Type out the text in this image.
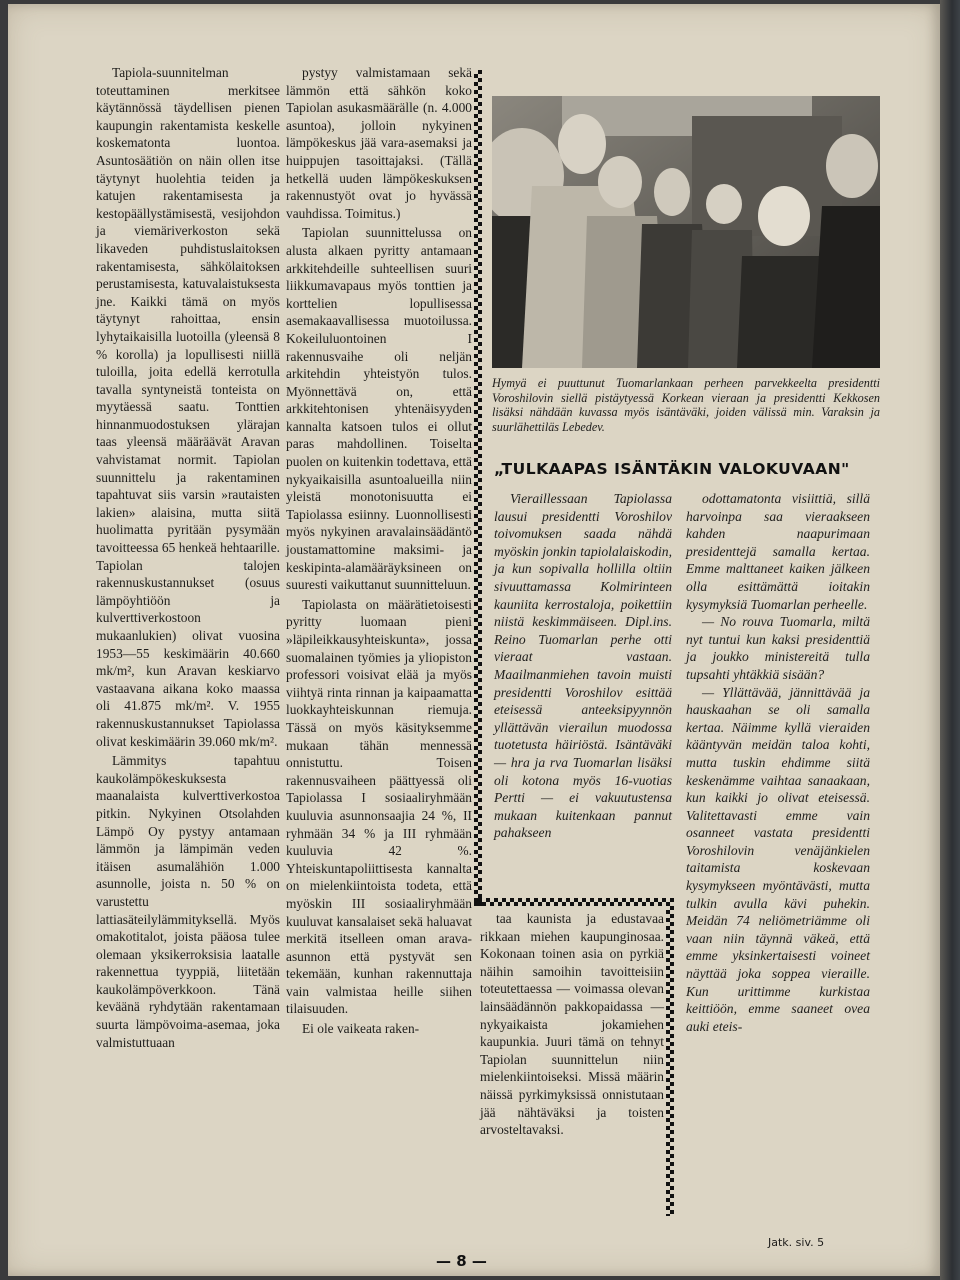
Tapiola-suunnitelman toteuttaminen merkitsee käytännössä täydellisen pienen kaupungin rakentamista keskelle koskematonta luontoa. Asuntosäätiön on näin ollen itse täytynyt huolehtia teiden ja katujen rakentamisesta ja kestopäällystämisestä, vesijohdon ja viemäriverkoston sekä likaveden puhdistuslaitoksen rakentamisesta, sähkölaitoksen perustamisesta, katuvalaistuksesta jne. Kaikki tämä on myös täytynyt rahoittaa, ensin lyhytaikaisilla luotoilla (yleensä 8 % korolla) ja lopullisesti niillä tuloilla, joita edellä kerrotulla tavalla syntyneistä tonteista on myytäessä saatu. Tonttien hinnanmuodostuksen ylärajan taas yleensä määräävät Aravan vahvistamat normit. Tapiolan suunnittelu ja rakentaminen tapahtuvat siis varsin »rautaisten lakien» alaisina, mutta siitä huolimatta pyritään pysymään tavoitteessa 65 henkeä hehtaarille. Tapiolan talojen rakennuskustannukset (osuus lämpöyhtiöön ja kulverttiverkostoon mukaanlukien) olivat vuosina 1953—55 keskimäärin 40.660 mk/m², kun Aravan keskiarvo vastaavana aikana koko maassa oli 41.875 mk/m². V. 1955 rakennuskustannukset Tapiolassa olivat keskimäärin 39.060 mk/m².

Lämmitys tapahtuu kaukolämpökeskuksesta maanalaista kulverttiverkostoa pitkin. Nykyinen Otsolahden Lämpö Oy pystyy antamaan lämmön ja lämpimän veden itäisen asumalähiön 1.000 asunnolle, joista n. 50 % on varustettu lattiasäteilylämmityksellä. Myös omakotitalot, joista pääosa tulee olemaan yksikerroksisia laatalle rakennettua tyyppiä, liitetään kaukolämpöverkkoon. Tänä keväänä ryhdytään rakentamaan suurta lämpövoima-asemaa, joka valmistuttuaan

pystyy valmistamaan sekä lämmön että sähkön koko Tapiolan asukasmäärälle (n. 4.000 asuntoa), jolloin nykyinen lämpökeskus jää vara-asemaksi ja huippujen tasoittajaksi. (Tällä hetkellä uuden lämpökeskuksen rakennustyöt ovat jo hyvässä vauhdissa. Toimitus.)

Tapiolan suunnittelussa on alusta alkaen pyritty antamaan arkkitehdeille suhteellisen suuri liikkumavapaus myös tonttien ja korttelien lopullisessa asemakaavallisessa muotoilussa. Kokeiluluontoinen I rakennusvaihe oli neljän arkitehdin yhteistyön tulos. Myönnettävä on, että arkkitehtonisen yhtenäisyyden kannalta katsoen tulos ei ollut paras mahdollinen. Toiselta puolen on kuitenkin todettava, että nykyaikaisilla asuntoalueilla niin yleistä monotonisuutta ei Tapiolassa esiinny. Luonnollisesti myös nykyinen aravalainsäädäntö joustamattomine maksimi- ja keskipinta-alamääräyksineen on suuresti vaikuttanut suunnitteluun.

Tapiolasta on määrätietoisesti pyritty luomaan pieni »läpileikkausyhteiskunta», jossa suomalainen työmies ja yliopiston professori voisivat elää ja myös viihtyä rinta rinnan ja kaipaamatta luokkayhteiskunnan riemuja. Tässä on myös käsityksemme mukaan tähän mennessä onnistuttu. Toisen rakennusvaiheen päättyessä oli Tapiolassa I sosiaaliryhmään kuuluvia asunnonsaajia 24 %, II ryhmään 34 % ja III ryhmään kuuluvia 42 %. Yhteiskuntapoliittisesta kannalta on mielenkiintoista todeta, että myöskin III sosiaaliryhmään kuuluvat kansalaiset sekä haluavat merkitä itselleen oman arava-asunnon että pystyvät sen tekemään, kunhan rakennuttaja vain valmistaa heille siihen tilaisuuden.

Ei ole vaikeata raken-

Hymyä ei puuttunut Tuomarlankaan perheen parvekkeelta presidentti Voroshilovin siellä pistäytyessä Korkean vieraan ja presidentti Kekkosen lisäksi nähdään kuvassa myös isäntäväki, joiden välissä min. Varaksin ja suurlähettiläs Lebedev.
„TULKAAPAS ISÄNTÄKIN VALOKUVAAN"

Vieraillessaan Tapiolassa lausui presidentti Voroshilov toivomuksen saada nähdä myöskin jonkin tapiolalaiskodin, ja kun sopivalla hollilla oltiin sivuuttamassa Kolmirinteen kauniita kerrostaloja, poikettiin niistä keskimmäiseen. Dipl.ins. Reino Tuomarlan perhe otti vieraat vastaan. Maailmanmiehen tavoin muisti presidentti Voroshilov esittää eteisessä anteeksipyynnön yllättävän vierailun muodossa tuotetusta häiriöstä. Isäntäväki — hra ja rva Tuomarlan lisäksi oli kotona myös 16-vuotias Pertti — ei vakuutustensa mukaan kuitenkaan pannut pahakseen

odottamatonta visiittiä, sillä harvoinpa saa vieraakseen kahden naapurimaan presidenttejä samalla kertaa. Emme malttaneet kaiken jälkeen olla esittämättä ioitakin kysymyksiä Tuomarlan perheelle.

— No rouva Tuomarla, miltä nyt tuntui kun kaksi presidenttiä ja joukko ministereitä tulla tupsahti yhtäkkiä sisään?

— Yllättävää, jännittävää ja hauskaahan se oli samalla kertaa. Näimme kyllä vieraiden kääntyvän meidän taloa kohti, mutta tuskin ehdimme siitä keskenämme vaihtaa sanaakaan, kun kaikki jo olivat eteisessä. Valitettavasti emme vain osanneet vastata presidentti Voroshilovin venäjänkielen taitamista koskevaan kysymykseen myöntävästi, mutta tulkin avulla kävi puhekin. Meidän 74 neliömetriämme oli vaan niin täynnä väkeä, että emme yksinkertaisesti voineet näyttää joka soppea vieraille. Kun urittimme kurkistaa keittiöön, emme saaneet ovea auki eteis-

taa kaunista ja edustavaa rikkaan miehen kaupunginosaa. Kokonaan toinen asia on pyrkiä näihin samoihin tavoitteisiin toteutettaessa — voimassa olevan lainsäädännön pakkopaidassa — nykyaikaista jokamiehen kaupunkia. Juuri tämä on tehnyt Tapiolan suunnittelun niin mielenkiintoiseksi. Missä määrin näissä pyrkimyksissä onnistutaan jää nähtäväksi ja toisten arvosteltavaksi.

Jatk. siv. 5
— 8 —
